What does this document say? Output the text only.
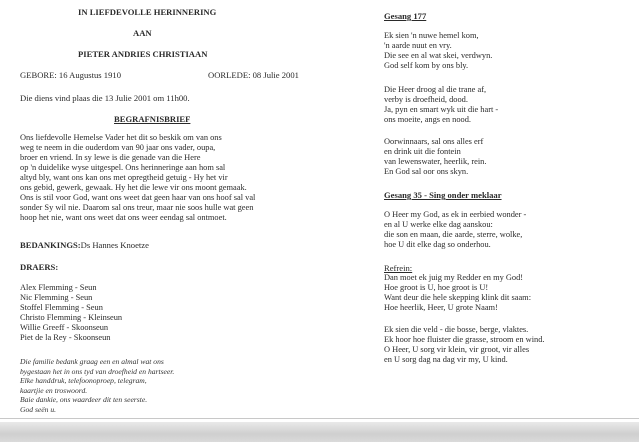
IN LIEFDEVOLLE HERINNERING
AAN
PIETER ANDRIES CHRISTIAAN
GEBORE: 16 Augustus 1910	OORLEDE: 08 Julie 2001
Die diens vind plaas die 13 Julie 2001 om 11h00.
BEGRAFNISBRIEF
Ons liefdevolle Hemelse Vader het dit so beskik om van ons
weg te neem in die ouderdom van 90 jaar ons vader, oupa,
broer en vriend. In sy lewe is die genade van die Here
op 'n duidelike wyse uitgespel. Ons herinneringe aan hom sal
altyd bly, want ons kan ons met opregtheid getuig - Hy het vir
ons gebid, gewerk, gewaak. Hy het die lewe vir ons moont gemaak.
Ons is stil voor God, want ons weet dat geen haar van ons hoof sal val
sonder Sy wil nie. Daarom sal ons treur, maar nie soos hulle wat geen
hoop het nie, want ons weet dat ons weer eendag sal ontmoet.
BEDANKINGS:Ds Hannes Knoetze
DRAERS:
Alex Flemming - Seun
Nic Flemming - Seun
Stoffel Flemming - Seun
Christo Flemming - Kleinseun
Willie Greeff - Skoonseun
Piet de la Rey - Skoonseun
Die familie bedank graag een en almal wat ons
bygestaan het in ons tyd van droefheid en hartseer.
Elke handdruk, telefoonoproep, telegram,
kaartjie en troswoord.
Baie dankie, ons waardeer dit ten seerste.
God seën u.
Gesang 177
Ek sien 'n nuwe hemel kom,
'n aarde nuut en vry.
Die see en al wat skei, verdwyn.
God self kom by ons bly.
Die Heer droog al die trane af,
verby is droefheid, dood.
Ja, pyn en smart wyk uit die hart -
ons moeite, angs en nood.
Oorwinnaars, sal ons alles erf
en drink uit die fontein
van lewenswater, heerlik, rein.
En God sal oor ons skyn.
Gesang 35 - Sing onder meklaar
O Heer my God, as ek in eerbied wonder -
en al U werke elke dag aanskou:
die son en maan, die aarde, sterre, wolke,
hoe U dit elke dag so onderhou.
Refrein:
Dan moet ek juig my Redder en my God!
Hoe groot is U, hoe groot is U!
Want deur die hele skepping klink dit saam:
Hoe heerlik, Heer, U grote Naam!
Ek sien die veld - die bosse, berge, vlaktes.
Ek hoor hoe fluister die grasse, stroom en wind.
O Heer, U sorg vir klein, vir groot, vir alles
en U sorg dag na dag vir my, U kind.
